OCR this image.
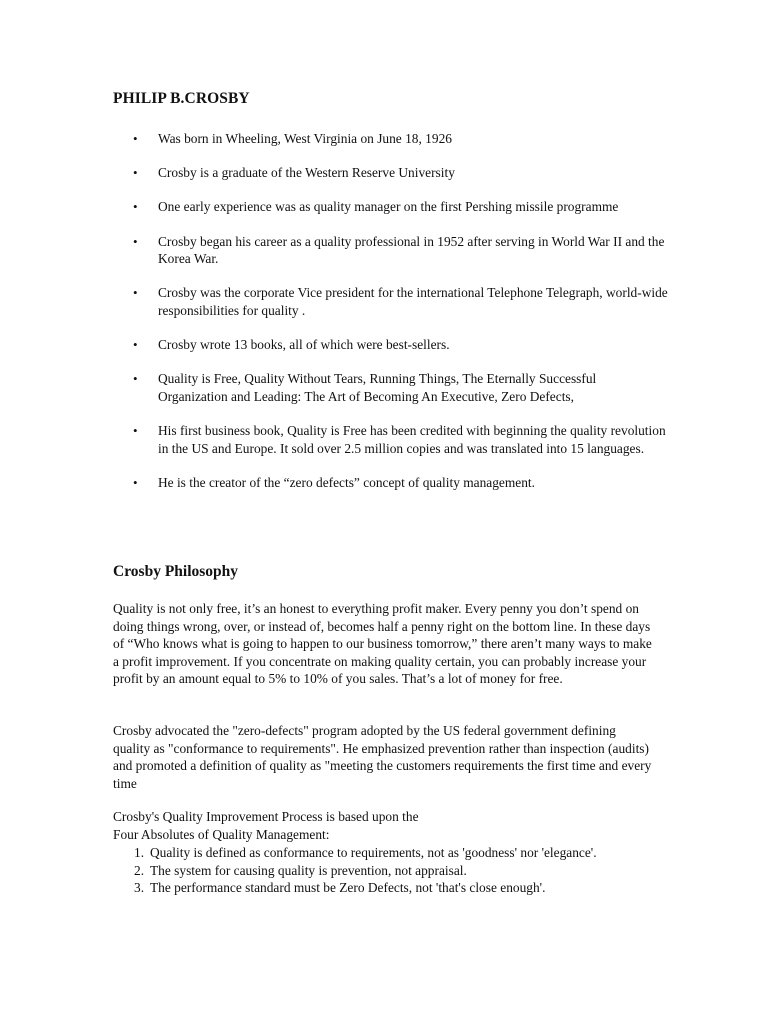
PHILIP B.CROSBY
• Was born in Wheeling, West Virginia on June 18, 1926
• Crosby is a graduate of the Western Reserve University
• One early experience was as quality manager on the first Pershing missile programme
• Crosby began his career as a quality professional in 1952 after serving in World War II and the Korea War.
• Crosby was the corporate Vice president for the international Telephone Telegraph, world-wide responsibilities for quality .
• Crosby wrote 13 books, all of which were best-sellers.
• Quality is Free, Quality Without Tears, Running Things, The Eternally Successful Organization and Leading: The Art of Becoming An Executive, Zero Defects,
• His first business book, Quality is Free has been credited with beginning the quality revolution in the US and Europe. It sold over 2.5 million copies and was translated into 15 languages.
• He is the creator of the “zero defects” concept of quality management.
Crosby Philosophy

Quality is not only free, it’s an honest to everything profit maker. Every penny you don’t spend on doing things wrong, over, or instead of, becomes half a penny right on the bottom line. In these days of “Who knows what is going to happen to our business tomorrow,” there aren’t many ways to make a profit improvement. If you concentrate on making quality certain, you can probably increase your profit by an amount equal to 5% to 10% of you sales. That’s a lot of money for free.

Crosby advocated the "zero-defects" program adopted by the US federal government defining quality as "conformance to requirements". He emphasized prevention rather than inspection (audits) and promoted a definition of quality as "meeting the customers requirements the first time and every time

Crosby's Quality Improvement Process is based upon the
Four Absolutes of Quality Management:

1. Quality is defined as conformance to requirements, not as 'goodness' nor 'elegance'.
2. The system for causing quality is prevention, not appraisal.
3. The performance standard must be Zero Defects, not 'that's close enough'.
